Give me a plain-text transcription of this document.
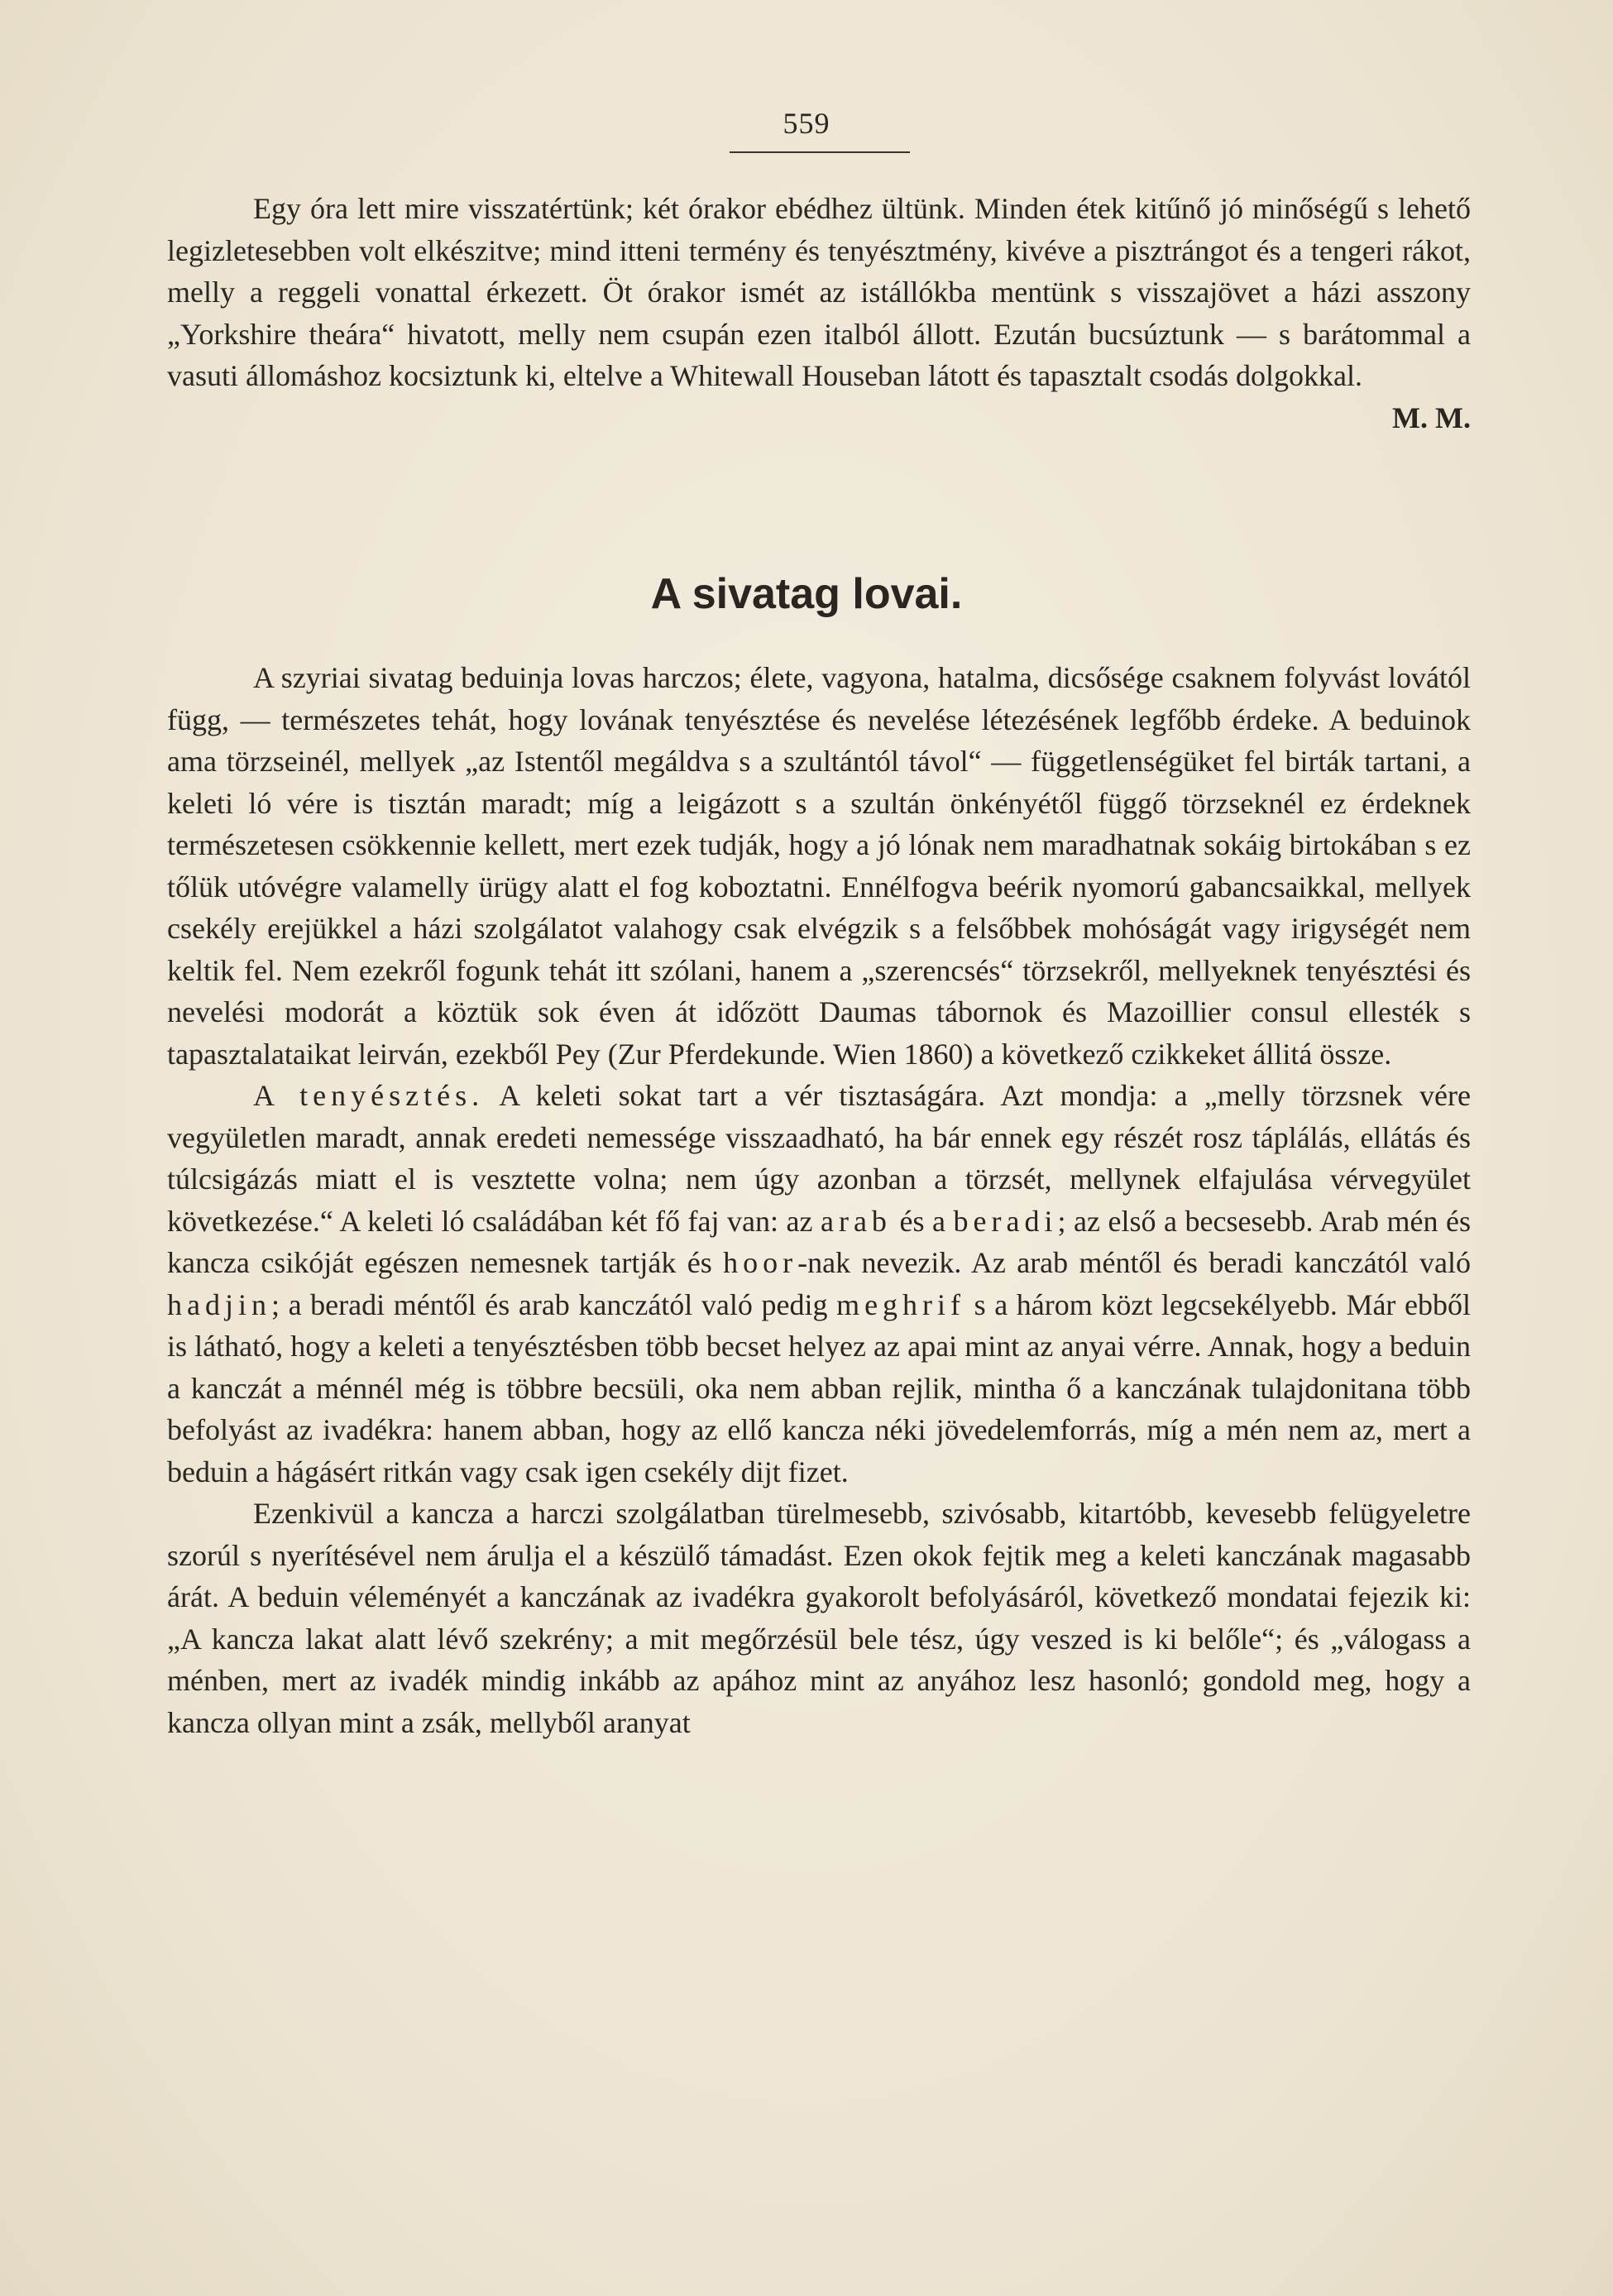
559

Egy óra lett mire visszatértünk; két órakor ebédhez ültünk. Minden étek kitűnő jó minőségű s lehető legizletesebben volt elkészitve; mind itteni termény és tenyésztmény, kivéve a pisztrángot és a tengeri rákot, melly a reggeli vonattal érkezett. Öt órakor ismét az istállókba mentünk s visszajövet a házi asszony „Yorkshire theára“ hivatott, melly nem csupán ezen italból állott. Ezután bucsúztunk — s barátommal a vasuti állomáshoz kocsiztunk ki, eltelve a Whitewall Houseban látott és tapasztalt csodás dolgokkal.
M. M.

A sivatag lovai.

A szyriai sivatag beduinja lovas harczos; élete, vagyona, hatalma, dicsősége csaknem folyvást lovától függ, — természetes tehát, hogy lovának tenyésztése és nevelése létezésének legfőbb érdeke. A beduinok ama törzseinél, mellyek „az Istentől megáldva s a szultántól távol“ — függetlenségüket fel birták tartani, a keleti ló vére is tisztán maradt; míg a leigázott s a szultán önkényétől függő törzseknél ez érdeknek természetesen csökkennie kellett, mert ezek tudják, hogy a jó lónak nem maradhatnak sokáig birtokában s ez tőlük utóvégre valamelly ürügy alatt el fog koboztatni. Ennélfogva beérik nyomorú gabancsaikkal, mellyek csekély erejükkel a házi szolgálatot valahogy csak elvégzik s a felsőbbek mohóságát vagy irigységét nem keltik fel. Nem ezekről fogunk tehát itt szólani, hanem a „szerencsés“ törzsekről, mellyeknek tenyésztési és nevelési modorát a köztük sok éven át időzött Daumas tábornok és Mazoillier consul ellesték s tapasztalataikat leirván, ezekből Pey (Zur Pferdekunde. Wien 1860) a következő czikkeket állitá össze.

A tenyésztés. A keleti sokat tart a vér tisztaságára. Azt mondja: a „melly törzsnek vére vegyületlen maradt, annak eredeti nemessége visszaadható, ha bár ennek egy részét rosz táplálás, ellátás és túlcsigázás miatt el is vesztette volna; nem úgy azonban a törzsét, mellynek elfajulása vérvegyület következése.“ A keleti ló családában két fő faj van: az arab és a beradi; az első a becsesebb. Arab mén és kancza csikóját egészen nemesnek tartják és hoor-nak nevezik. Az arab méntől és beradi kanczától való hadjin; a beradi méntől és arab kanczától való pedig meghrif s a három közt legcsekélyebb. Már ebből is látható, hogy a keleti a tenyésztésben több becset helyez az apai mint az anyai vérre. Annak, hogy a beduin a kanczát a ménnél még is többre becsüli, oka nem abban rejlik, mintha ő a kanczának tulajdonitana több befolyást az ivadékra: hanem abban, hogy az ellő kancza néki jövedelemforrás, míg a mén nem az, mert a beduin a hágásért ritkán vagy csak igen csekély dijt fizet.

Ezenkivül a kancza a harczi szolgálatban türelmesebb, szivósabb, kitartóbb, kevesebb felügyeletre szorúl s nyerítésével nem árulja el a készülő támadást. Ezen okok fejtik meg a keleti kanczának magasabb árát. A beduin véleményét a kanczának az ivadékra gyakorolt befolyásáról, következő mondatai fejezik ki: „A kancza lakat alatt lévő szekrény; a mit megőrzésül bele tész, úgy veszed is ki belőle“; és „válogass a ménben, mert az ivadék mindig inkább az apához mint az anyához lesz hasonló; gondold meg, hogy a kancza ollyan mint a zsák, mellyből aranyat
